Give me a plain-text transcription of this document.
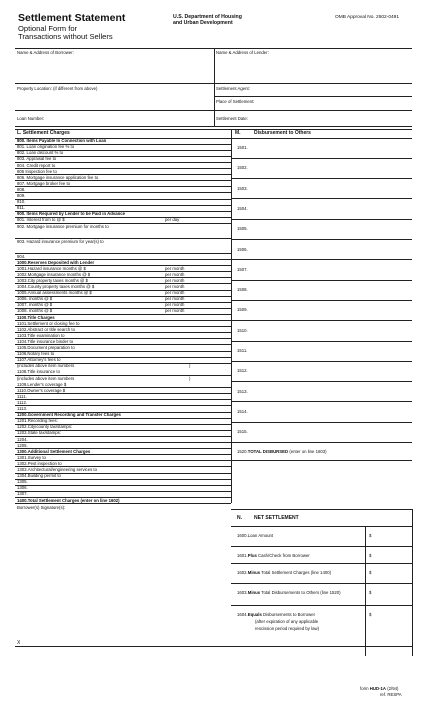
Settlement Statement
Optional Form for
Transactions without Sellers
U.S. Department of Housing
and Urban Development
OMB Approval No. 2502-0491
Name & Address of Borrower:	Name & Address of Lender:
Property Location: (if different from above)	Settlement Agent:
Place of Settlement:
Loan Number:	Settlement Date:
L. Settlement Charges
800. Items Payable In Connection with Loan
801. Loan origination fee % to
802. Loan discount % to
803. Appraisal fee to
804. Credit report to
805 Inspection fee to
806. Mortgage insurance application fee to
807. Mortgage broker fee to
808.
809.
810.
811.
900. Items Required by Lender to be Paid in Advance
901. Interest from to @ $	per day
902. Mortgage insurance premium for months to
903. Hazard insurance premium for year(s) to
904.
1000.Reserves Deposited with Lender
1001.Hazard insurance months @ $	per month
1002.Mortgage insurance months @ $	per month
1003.City property taxes months @ $	per month
1004.County property taxes months @ $	per month
1005.Annual assessments months @ $	per month
1006. months @ $	per month
1007. months @ $	per month
1008. months @ $	per month
1100.Title Charges
1101.Settlement or closing fee to
1102.Abstract or title search to
1103.Title examination to
1104.Title insurance binder to
1105.Document preparation to
1106.Notary fees to
1107.Attorney's fees to
(includes above item numbers	)
1108.Title insurance to
(includes above item numbers	)
1109.Lender's coverage $
1110.Owner's coverage $
1111.
1112.
1113.
1200.Government Recording and Transfer Charges
1201.Recording fees:
1202.City/county tax/stamps:
1203.State tax/stamps:
1204.
1205.
1300.Additional Settlement Charges
1301.Survey to
1302.Pest inspection to
1303.Architectural/engineering services to
1304.Building permit to
1305.
1306.
1307.
1400.Total Settlement Charges (enter on line 1602)
Borrower(s) Signature(s):
M.	Disbursement to Others
1501.
1502.
1503.
1504.
1505.
1506.
1507.
1508.
1509.
1510.
1511.
1512.
1513.
1514.
1515.
1520.TOTAL DISBURSED (enter on line 1603)
N. NET SETTLEMENT
1600.Loan Amount	$
1601.Plus Cash/Check from Borrower	$
1602.Minus Total Settlement Charges (line 1400)	$
1603.Minus Total Disbursements to Others (line 1520)	$
1604.Equals Disbursements to Borrower	$
(after expiration of any applicable
rescission period required by law)
X
form HUD-1A (2/94)
ref. RESPA
